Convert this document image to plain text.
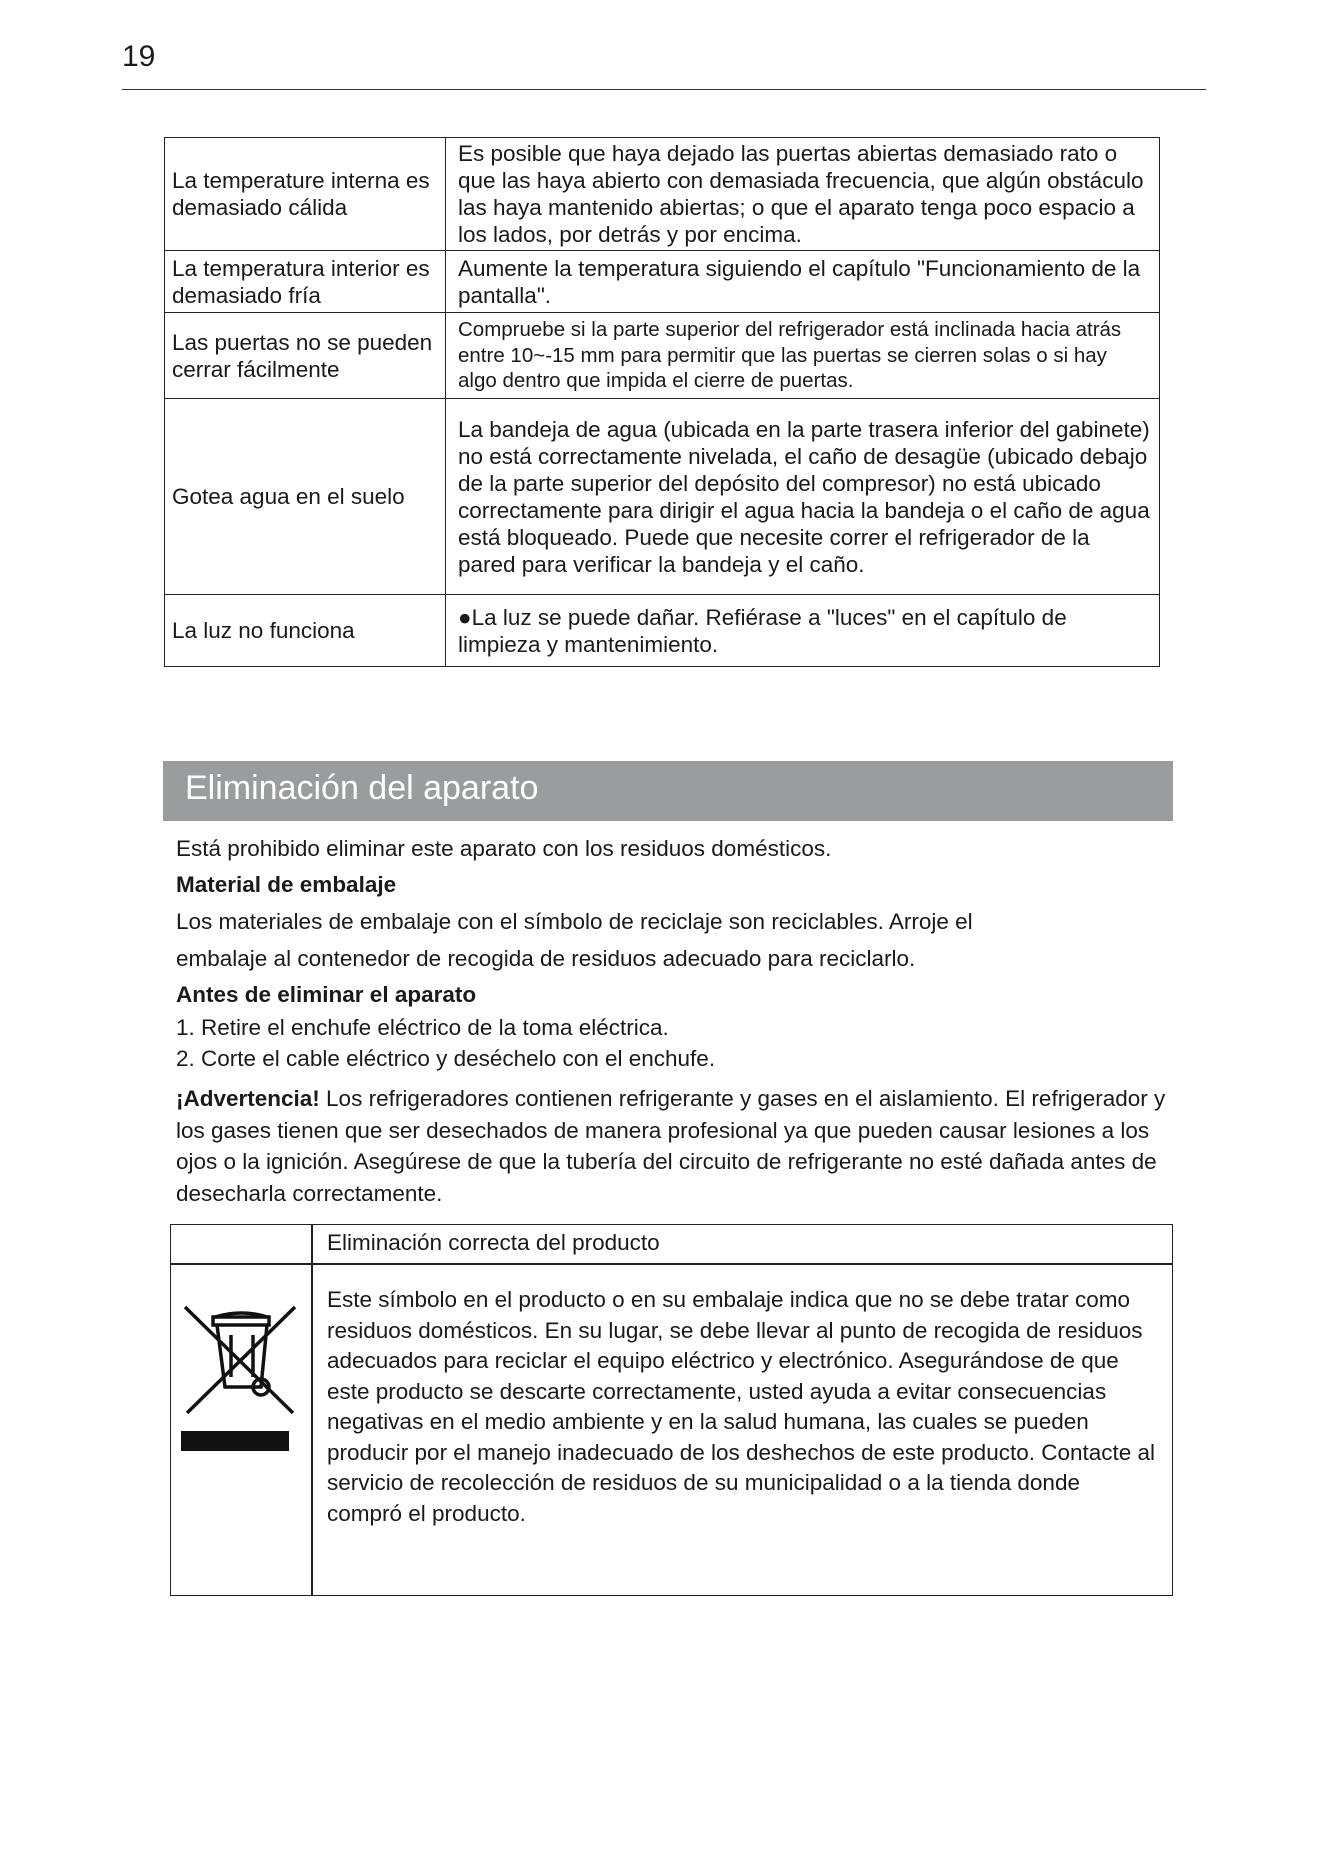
19
La temperature interna es demasiado cálida	Es posible que haya dejado las puertas abiertas demasiado rato o que las haya abierto con demasiada frecuencia, que algún obstáculo las haya mantenido abiertas; o que el aparato tenga poco espacio a los lados, por detrás y por encima.
La temperatura interior es demasiado fría	Aumente la temperatura siguiendo el capítulo "Funcionamiento de la pantalla".
Las puertas no se pueden cerrar fácilmente	Compruebe si la parte superior del refrigerador está inclinada hacia atrás entre 10~-15 mm para permitir que las puertas se cierren solas o si hay algo dentro que impida el cierre de puertas.
Gotea agua en el suelo	La bandeja de agua (ubicada en la parte trasera inferior del gabinete) no está correctamente nivelada, el caño de desagüe (ubicado debajo de la parte superior del depósito del compresor) no está ubicado correctamente para dirigir el agua hacia la bandeja o el caño de agua está bloqueado. Puede que necesite correr el refrigerador de la pared para verificar la bandeja y el caño.
La luz no funciona	●La luz se puede dañar. Refiérase a "luces" en el capítulo de limpieza y mantenimiento.
Eliminación del aparato

Está prohibido eliminar este aparato con los residuos domésticos.

Material de embalaje

Los materiales de embalaje con el símbolo de reciclaje son reciclables. Arroje el

embalaje al contenedor de recogida de residuos adecuado para reciclarlo.

Antes de eliminar el aparato

1. Retire el enchufe eléctrico de la toma eléctrica.

2. Corte el cable eléctrico y deséchelo con el enchufe.

¡Advertencia! Los refrigeradores contienen refrigerante y gases en el aislamiento. El refrigerador y los gases tienen que ser desechados de manera profesional ya que pueden causar lesiones a los ojos o la ignición. Asegúrese de que la tubería del circuito de refrigerante no esté dañada antes de desecharla correctamente.

Eliminación correcta del producto
Este símbolo en el producto o en su embalaje indica que no se debe tratar como residuos domésticos. En su lugar, se debe llevar al punto de recogida de residuos adecuados para reciclar el equipo eléctrico y electrónico. Asegurándose de que este producto se descarte correctamente, usted ayuda a evitar consecuencias negativas en el medio ambiente y en la salud humana, las cuales se pueden producir por el manejo inadecuado de los deshechos de este producto. Contacte al servicio de recolección de residuos de su municipalidad o a la tienda donde compró el producto.
